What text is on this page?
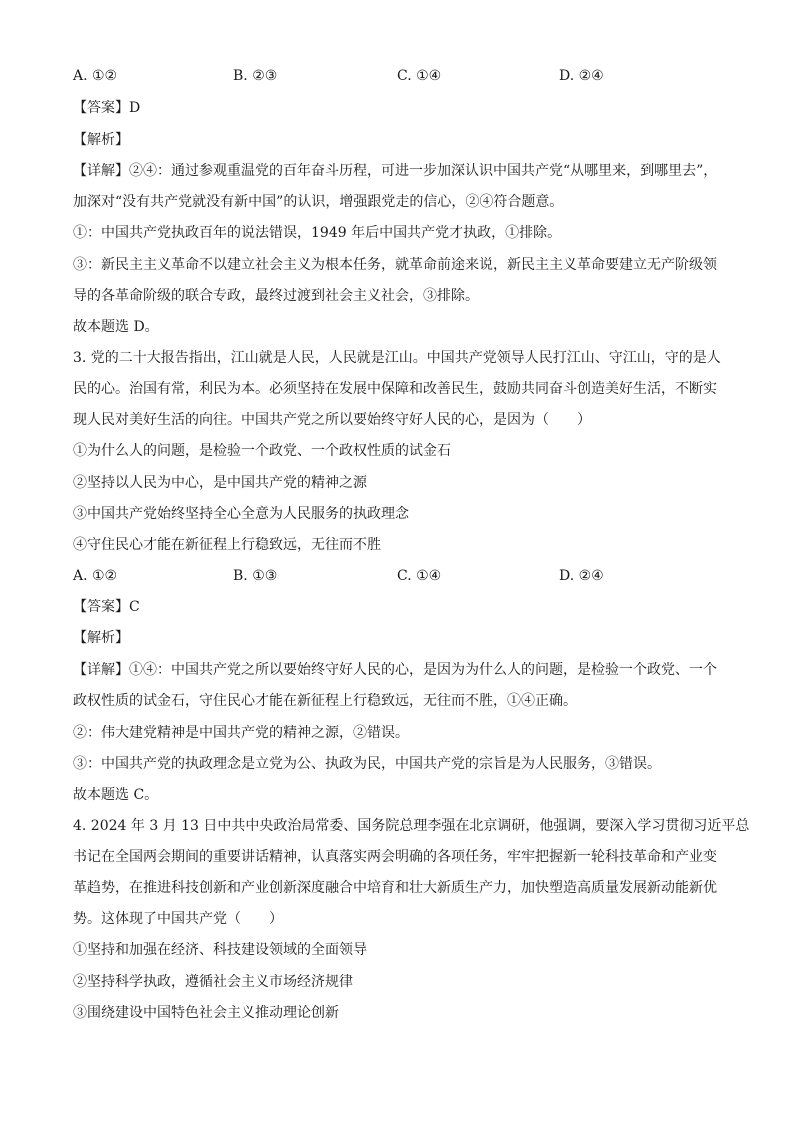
A. ①②	B. ②③	C. ①④	D. ②④
【答案】D
【解析】
【详解】②④：通过参观重温党的百年奋斗历程，可进一步加深认识中国共产党“从哪里来，到哪里去”，
加深对“没有共产党就没有新中国”的认识，增强跟党走的信心，②④符合题意。
①：中国共产党执政百年的说法错误，1949 年后中国共产党才执政，①排除。
③：新民主主义革命不以建立社会主义为根本任务，就革命前途来说，新民主主义革命要建立无产阶级领
导的各革命阶级的联合专政，最终过渡到社会主义社会，③排除。
故本题选 D。
3. 党的二十大报告指出，江山就是人民，人民就是江山。中国共产党领导人民打江山、守江山，守的是人
民的心。治国有常，利民为本。必须坚持在发展中保障和改善民生，鼓励共同奋斗创造美好生活，不断实
现人民对美好生活的向往。中国共产党之所以要始终守好人民的心，是因为（　　）
①为什么人的问题，是检验一个政党、一个政权性质的试金石
②坚持以人民为中心，是中国共产党的精神之源
③中国共产党始终坚持全心全意为人民服务的执政理念
④守住民心才能在新征程上行稳致远，无往而不胜
A. ①②	B. ①③	C. ①④	D. ②④
【答案】C
【解析】
【详解】①④：中国共产党之所以要始终守好人民的心，是因为为什么人的问题，是检验一个政党、一个
政权性质的试金石，守住民心才能在新征程上行稳致远，无往而不胜，①④正确。
②：伟大建党精神是中国共产党的精神之源，②错误。
③：中国共产党的执政理念是立党为公、执政为民，中国共产党的宗旨是为人民服务，③错误。
故本题选 C。
4. 2024 年 3 月 13 日中共中央政治局常委、国务院总理李强在北京调研，他强调，要深入学习贯彻习近平总
书记在全国两会期间的重要讲话精神，认真落实两会明确的各项任务，牢牢把握新一轮科技革命和产业变
革趋势，在推进科技创新和产业创新深度融合中培育和壮大新质生产力，加快塑造高质量发展新动能新优
势。这体现了中国共产党（　　）
①坚持和加强在经济、科技建设领域的全面领导
②坚持科学执政，遵循社会主义市场经济规律
③围绕建设中国特色社会主义推动理论创新
